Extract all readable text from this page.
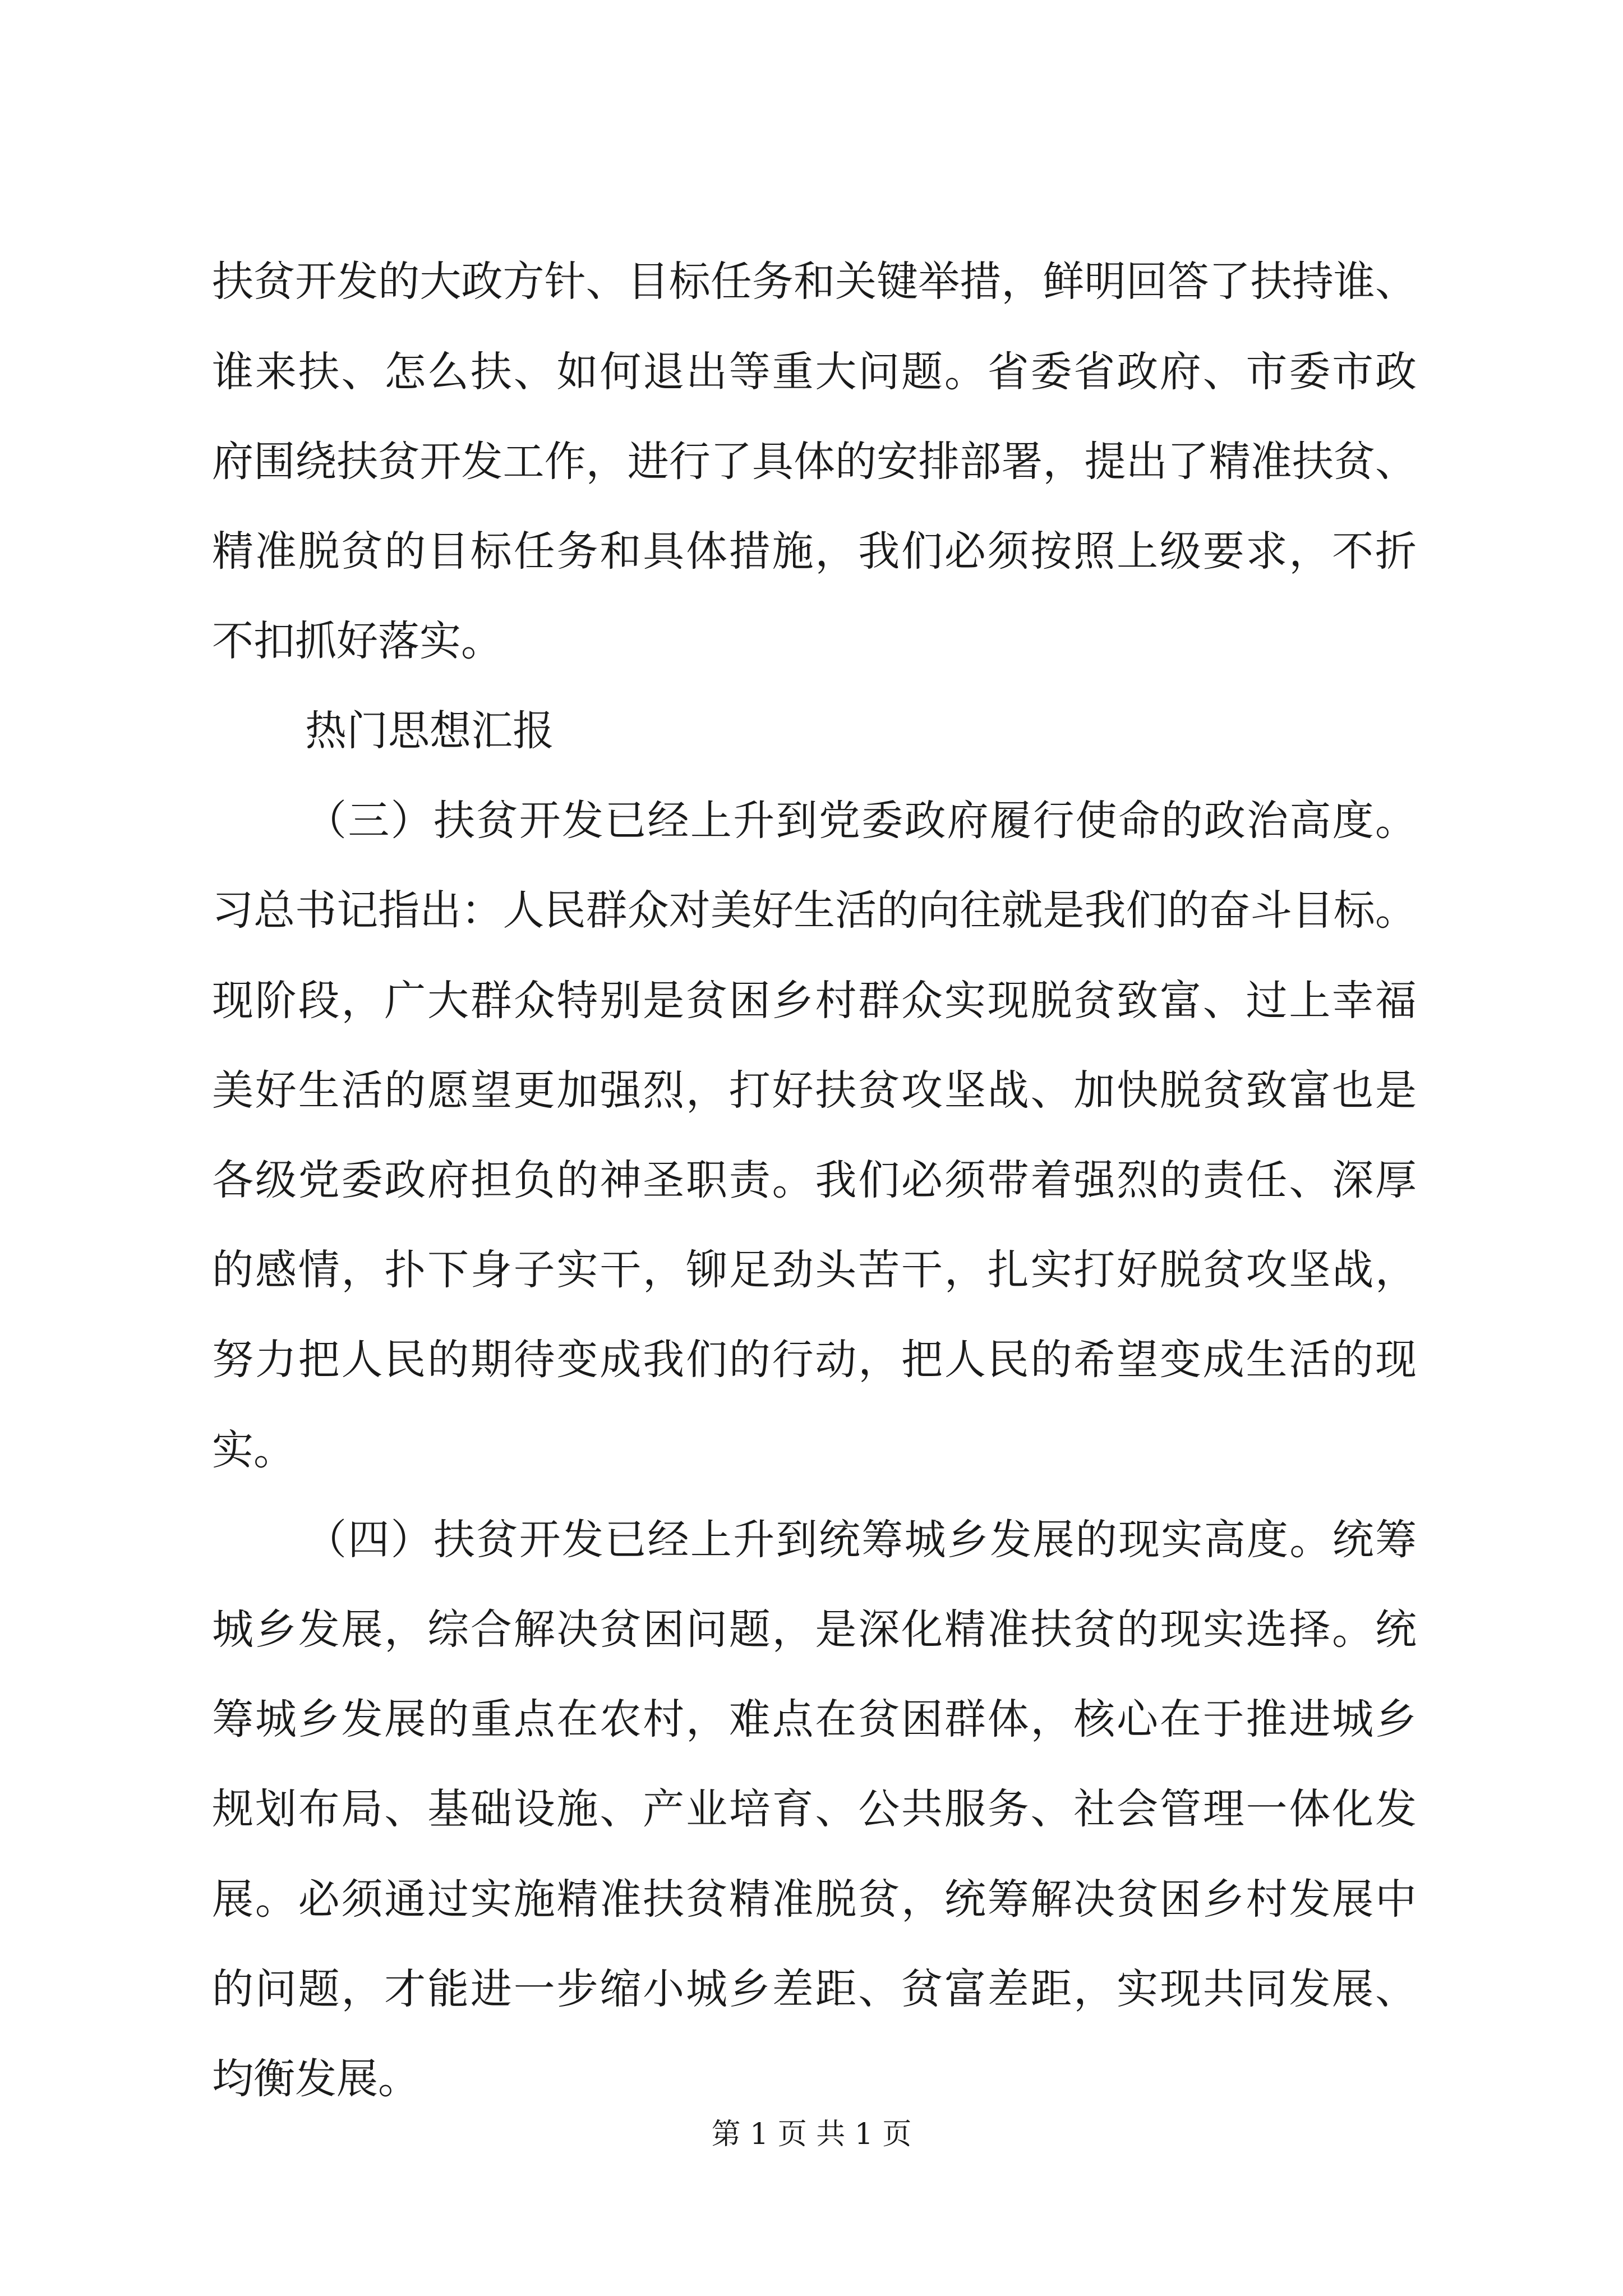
扶贫开发的大政方针、目标任务和关键举措，鲜明回答了扶持谁、
谁来扶、怎么扶、如何退出等重大问题。省委省政府、市委市政
府围绕扶贫开发工作，进行了具体的安排部署，提出了精准扶贫、
精准脱贫的目标任务和具体措施，我们必须按照上级要求，不折
不扣抓好落实。
热门思想汇报
（三）扶贫开发已经上升到党委政府履行使命的政治高度。
习总书记指出：人民群众对美好生活的向往就是我们的奋斗目标。
现阶段，广大群众特别是贫困乡村群众实现脱贫致富、过上幸福
美好生活的愿望更加强烈，打好扶贫攻坚战、加快脱贫致富也是
各级党委政府担负的神圣职责。我们必须带着强烈的责任、深厚
的感情，扑下身子实干，铆足劲头苦干，扎实打好脱贫攻坚战，
努力把人民的期待变成我们的行动，把人民的希望变成生活的现
实。
（四）扶贫开发已经上升到统筹城乡发展的现实高度。统筹
城乡发展，综合解决贫困问题，是深化精准扶贫的现实选择。统
筹城乡发展的重点在农村，难点在贫困群体，核心在于推进城乡
规划布局、基础设施、产业培育、公共服务、社会管理一体化发
展。必须通过实施精准扶贫精准脱贫，统筹解决贫困乡村发展中
的问题，才能进一步缩小城乡差距、贫富差距，实现共同发展、
均衡发展。
第 1 页 共 1 页
